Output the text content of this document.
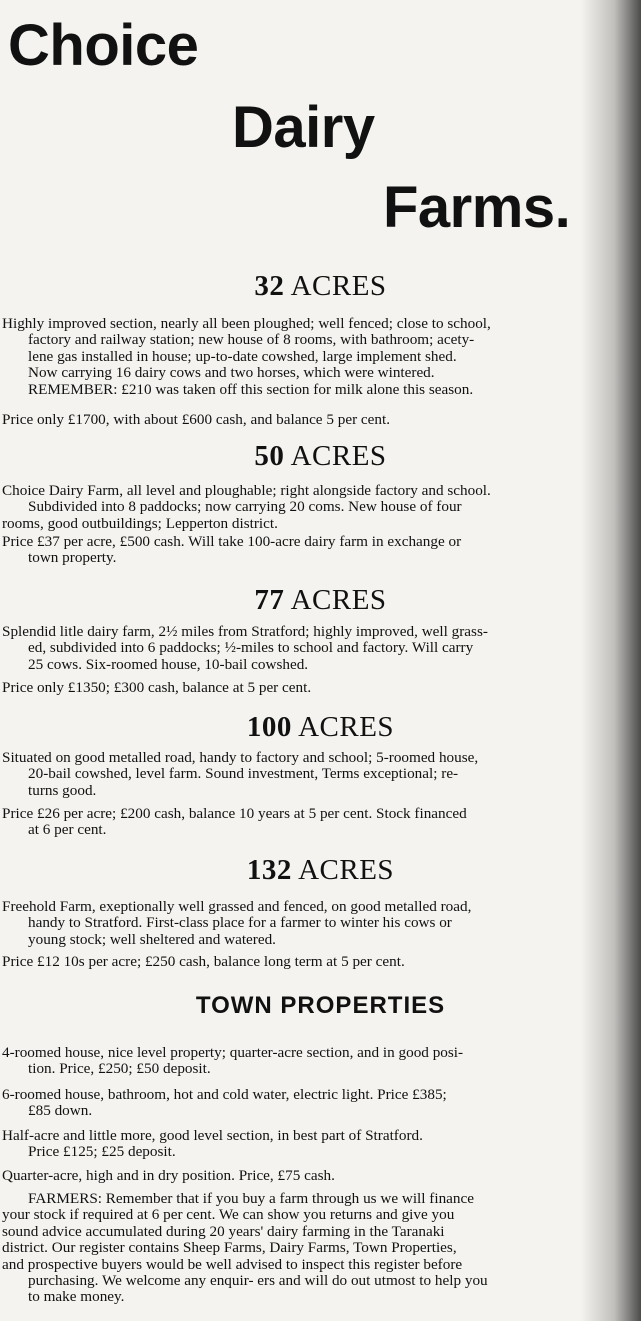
Choice
Dairy
Farms.
32 ACRES

Highly improved section, nearly all been ploughed; well fenced; close to school,
factory and railway station; new house of 8 rooms, with bathroom; acety-
lene gas installed in house; up-to-date cowshed, large implement shed.
Now carrying 16 dairy cows and two horses, which were wintered.
REMEMBER: £210 was taken off this section for milk alone this season.

Price only £1700, with about £600 cash, and balance 5 per cent.

50 ACRES

Choice Dairy Farm, all level and ploughable; right alongside factory and school.
Subdivided into 8 paddocks; now carrying 20 coms. New house of four
rooms, good outbuildings; Lepperton district.

Price £37 per acre, £500 cash. Will take 100-acre dairy farm in exchange or
town property.

77 ACRES

Splendid litle dairy farm, 2½ miles from Stratford; highly improved, well grass-
ed, subdivided into 6 paddocks; ½-miles to school and factory. Will carry
25 cows. Six-roomed house, 10-bail cowshed.

Price only £1350; £300 cash, balance at 5 per cent.

100 ACRES

Situated on good metalled road, handy to factory and school; 5-roomed house,
20-bail cowshed, level farm. Sound investment, Terms exceptional; re-
turns good.

Price £26 per acre; £200 cash, balance 10 years at 5 per cent. Stock financed
at 6 per cent.

132 ACRES

Freehold Farm, exeptionally well grassed and fenced, on good metalled road,
handy to Stratford. First-class place for a farmer to winter his cows or
young stock; well sheltered and watered.

Price £12 10s per acre; £250 cash, balance long term at 5 per cent.

TOWN PROPERTIES

4-roomed house, nice level property; quarter-acre section, and in good posi-
tion. Price, £250; £50 deposit.

6-roomed house, bathroom, hot and cold water, electric light. Price £385;
£85 down.

Half-acre and little more, good level section, in best part of Stratford.
Price £125; £25 deposit.

Quarter-acre, high and in dry position. Price, £75 cash.

FARMERS: Remember that if you buy a farm through us we will finance
your stock if required at 6 per cent. We can show you returns and give you
sound advice accumulated during 20 years' dairy farming in the Taranaki
district. Our register contains Sheep Farms, Dairy Farms, Town Properties,
and prospective buyers would be well advised to inspect this register before
purchasing. We welcome any enquir- ers and will do out utmost to help you
to make money.
